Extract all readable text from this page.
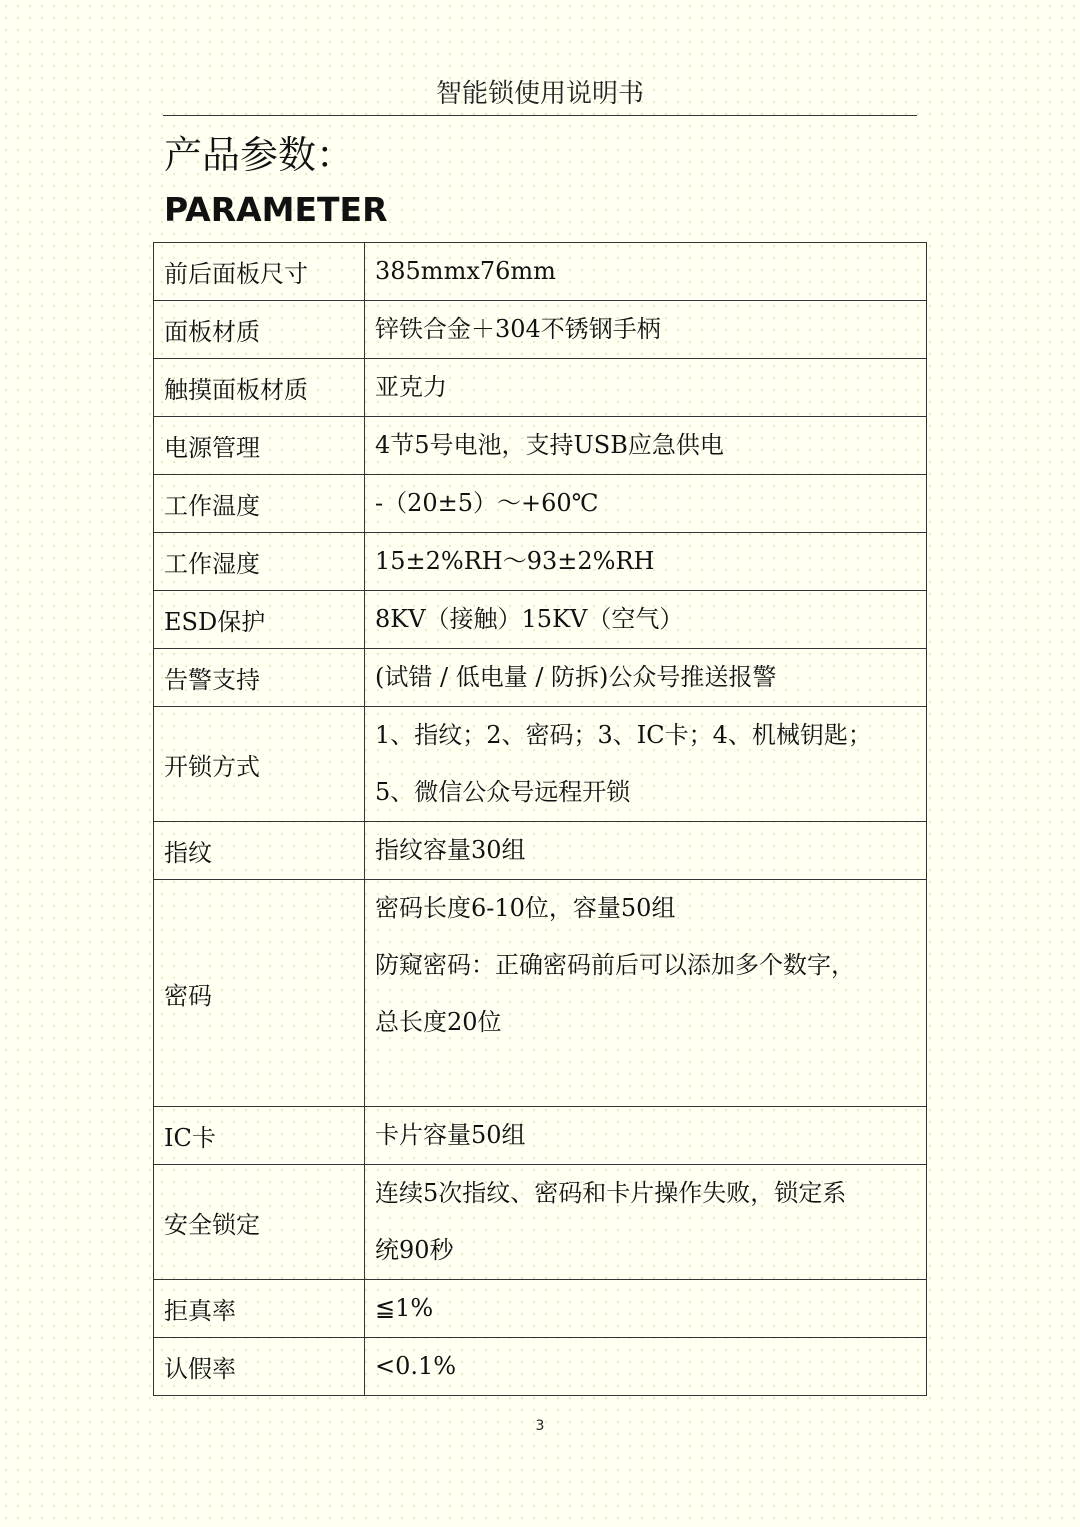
智能锁使用说明书
产品参数：
PARAMETER
前后面板尺寸	385mmx76mm

面板材质	锌铁合金＋304不锈钢手柄

触摸面板材质	亚克力

电源管理	4节5号电池，支持USB应急供电

工作温度	-（20±5）～+60℃

工作湿度	15±2%RH～93±2%RH

ESD保护	8KV（接触）15KV（空气）

告警支持	(试错 / 低电量 / 防拆)公众号推送报警

开锁方式	1、指纹；2、密码；3、IC卡；4、机械钥匙；
5、微信公众号远程开锁

指纹	指纹容量30组

密码	密码长度6-10位，容量50组
防窥密码：正确密码前后可以添加多个数字，
总长度20位

IC卡	卡片容量50组

安全锁定	连续5次指纹、密码和卡片操作失败，锁定系
统90秒

拒真率	≦1%

认假率	<0.1%
3
